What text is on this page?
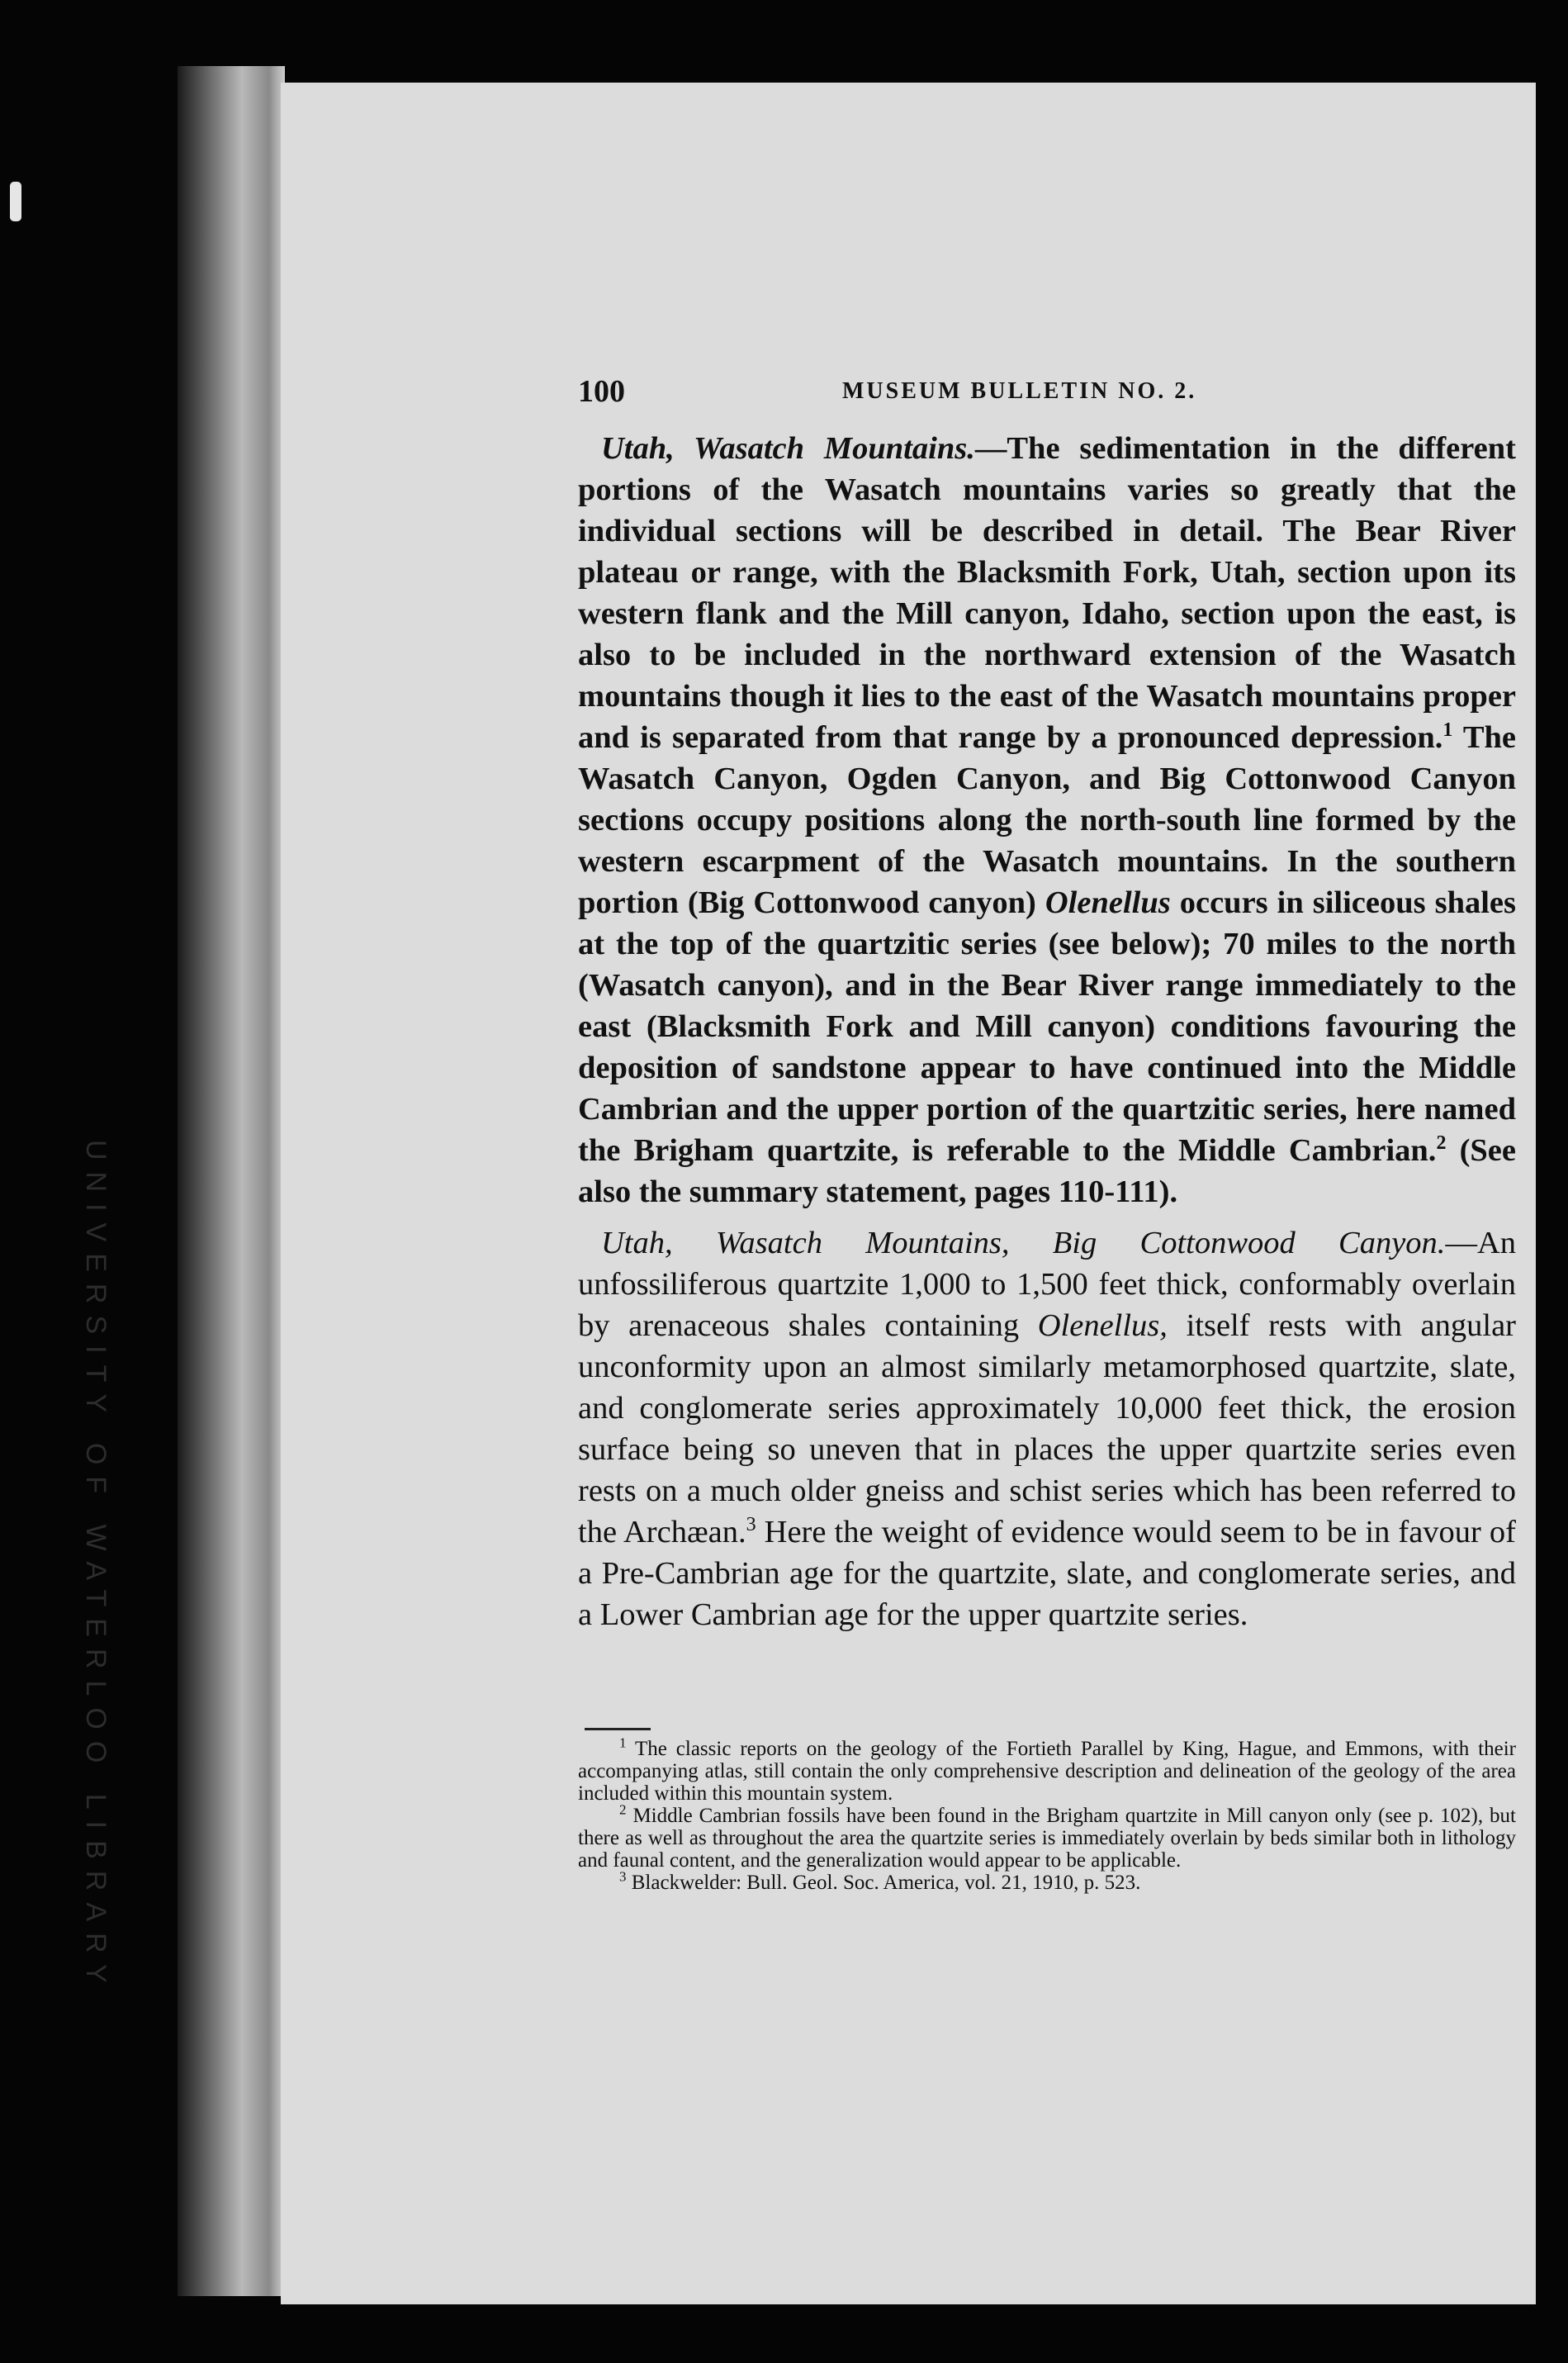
UNIVERSITY OF WATERLOO LIBRARY
100	MUSEUM BULLETIN NO. 2.

Utah, Wasatch Mountains.—The sedimentation in the different portions of the Wasatch mountains varies so greatly that the individual sections will be described in detail. The Bear River plateau or range, with the Blacksmith Fork, Utah, section upon its western flank and the Mill canyon, Idaho, section upon the east, is also to be included in the northward extension of the Wasatch mountains though it lies to the east of the Wasatch mountains proper and is separated from that range by a pronounced depression.$^1$ The Wasatch Canyon, Ogden Canyon, and Big Cottonwood Canyon sections occupy positions along the north-south line formed by the western escarpment of the Wasatch mountains. In the southern portion (Big Cottonwood canyon) Olenellus occurs in siliceous shales at the top of the quartzitic series (see below); 70 miles to the north (Wasatch canyon), and in the Bear River range immediately to the east (Blacksmith Fork and Mill canyon) conditions favouring the deposition of sandstone appear to have continued into the Middle Cambrian and the upper portion of the quartzitic series, here named the Brigham quartzite, is referable to the Middle Cambrian.$^2$ (See also the summary statement, pages 110-111).

Utah, Wasatch Mountains, Big Cottonwood Canyon.—An unfossiliferous quartzite 1,000 to 1,500 feet thick, conformably overlain by arenaceous shales containing Olenellus, itself rests with angular unconformity upon an almost similarly metamorphosed quartzite, slate, and conglomerate series approximately 10,000 feet thick, the erosion surface being so uneven that in places the upper quartzite series even rests on a much older gneiss and schist series which has been referred to the Archæan.$^3$ Here the weight of evidence would seem to be in favour of a Pre-Cambrian age for the quartzite, slate, and conglomerate series, and a Lower Cambrian age for the upper quartzite series.

$^1$ The classic reports on the geology of the Fortieth Parallel by King, Hague, and Emmons, with their accompanying atlas, still contain the only comprehensive description and delineation of the geology of the area included within this mountain system.

$^2$ Middle Cambrian fossils have been found in the Brigham quartzite in Mill canyon only (see p. 102), but there as well as throughout the area the quartzite series is immediately overlain by beds similar both in lithology and faunal content, and the generalization would appear to be applicable.

$^3$ Blackwelder: Bull. Geol. Soc. America, vol. 21, 1910, p. 523.
